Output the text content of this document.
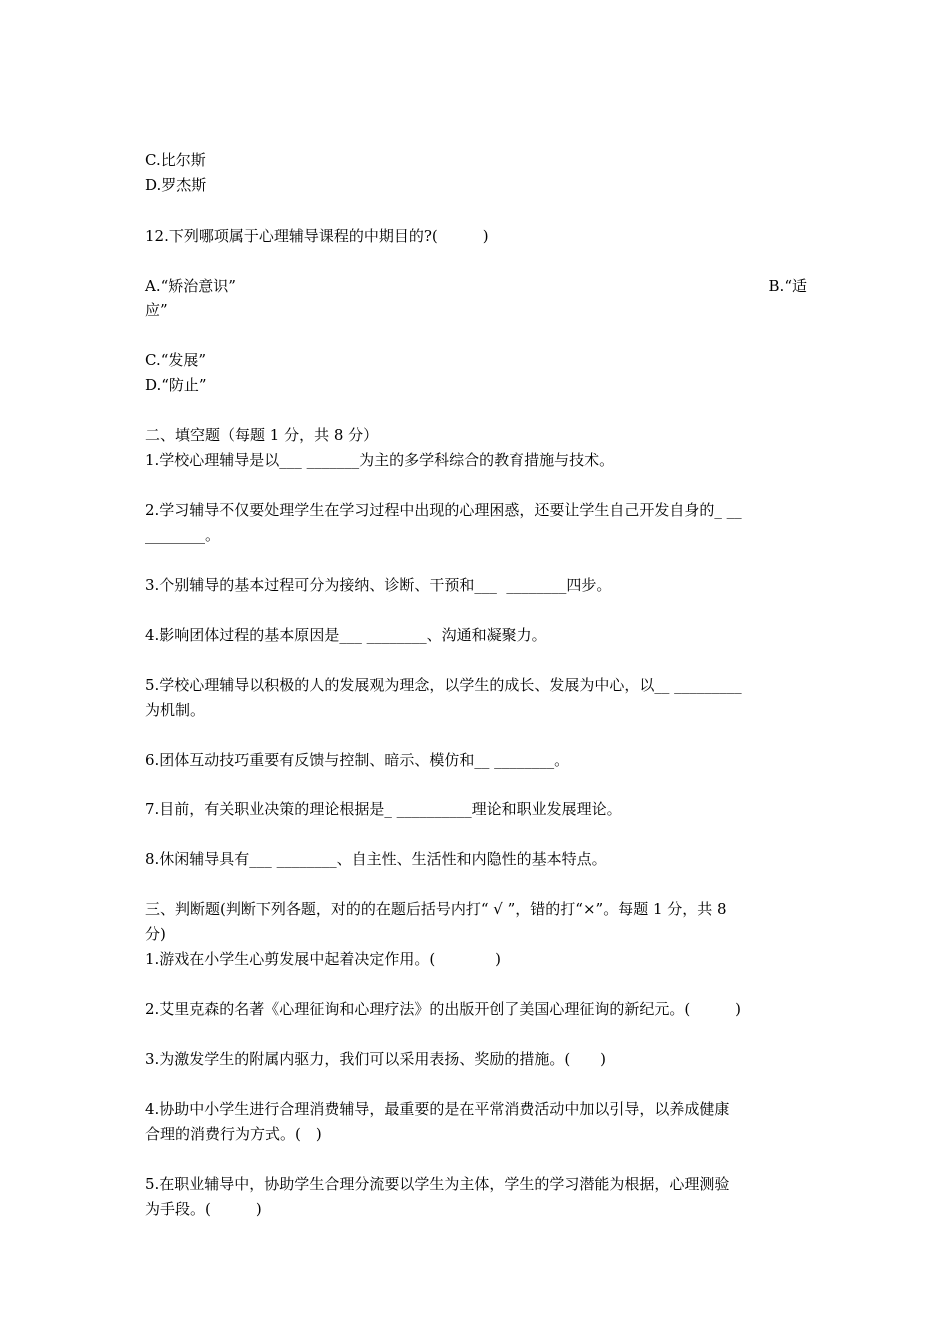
C.比尔斯
D.罗杰斯
12.下列哪项属于心理辅导课程的中期目的?(　　　)
A.“矫治意识”	B.“适
应”
C.“发展”
D.“防止”
二、填空题（每题 1 分，共 8 分）
1.学校心理辅导是以___ _______为主的多学科综合的教育措施与技术。
2.学习辅导不仅要处理学生在学习过程中出现的心理困惑，还要让学生自己开发自身的_ __
________。
3.个别辅导的基本过程可分为接纳、诊断、干预和___  ________四步。
4.影响团体过程的基本原因是___ ________、沟通和凝聚力。
5.学校心理辅导以积极的人的发展观为理念，以学生的成长、发展为中心，以__ _________
为机制。
6.团体互动技巧重要有反馈与控制、暗示、模仿和__ ________。
7.目前，有关职业决策的理论根据是_ __________理论和职业发展理论。
8.休闲辅导具有___ ________、自主性、生活性和内隐性的基本特点。
三、判断题(判断下列各题，对的的在题后括号内打“ √ ”，错的打“×”。每题 1 分，共 8
分)
1.游戏在小学生心剪发展中起着决定作用。(　　　　)
2.艾里克森的名著《心理征询和心理疗法》的出版开创了美国心理征询的新纪元。(　　　)
3.为激发学生的附属内驱力，我们可以采用表扬、奖励的措施。(　　)
4.协助中小学生进行合理消费辅导，最重要的是在平常消费活动中加以引导，以养成健康
合理的消费行为方式。(　)
5.在职业辅导中，协助学生合理分流要以学生为主体，学生的学习潜能为根据，心理测验
为手段。(　　　)
